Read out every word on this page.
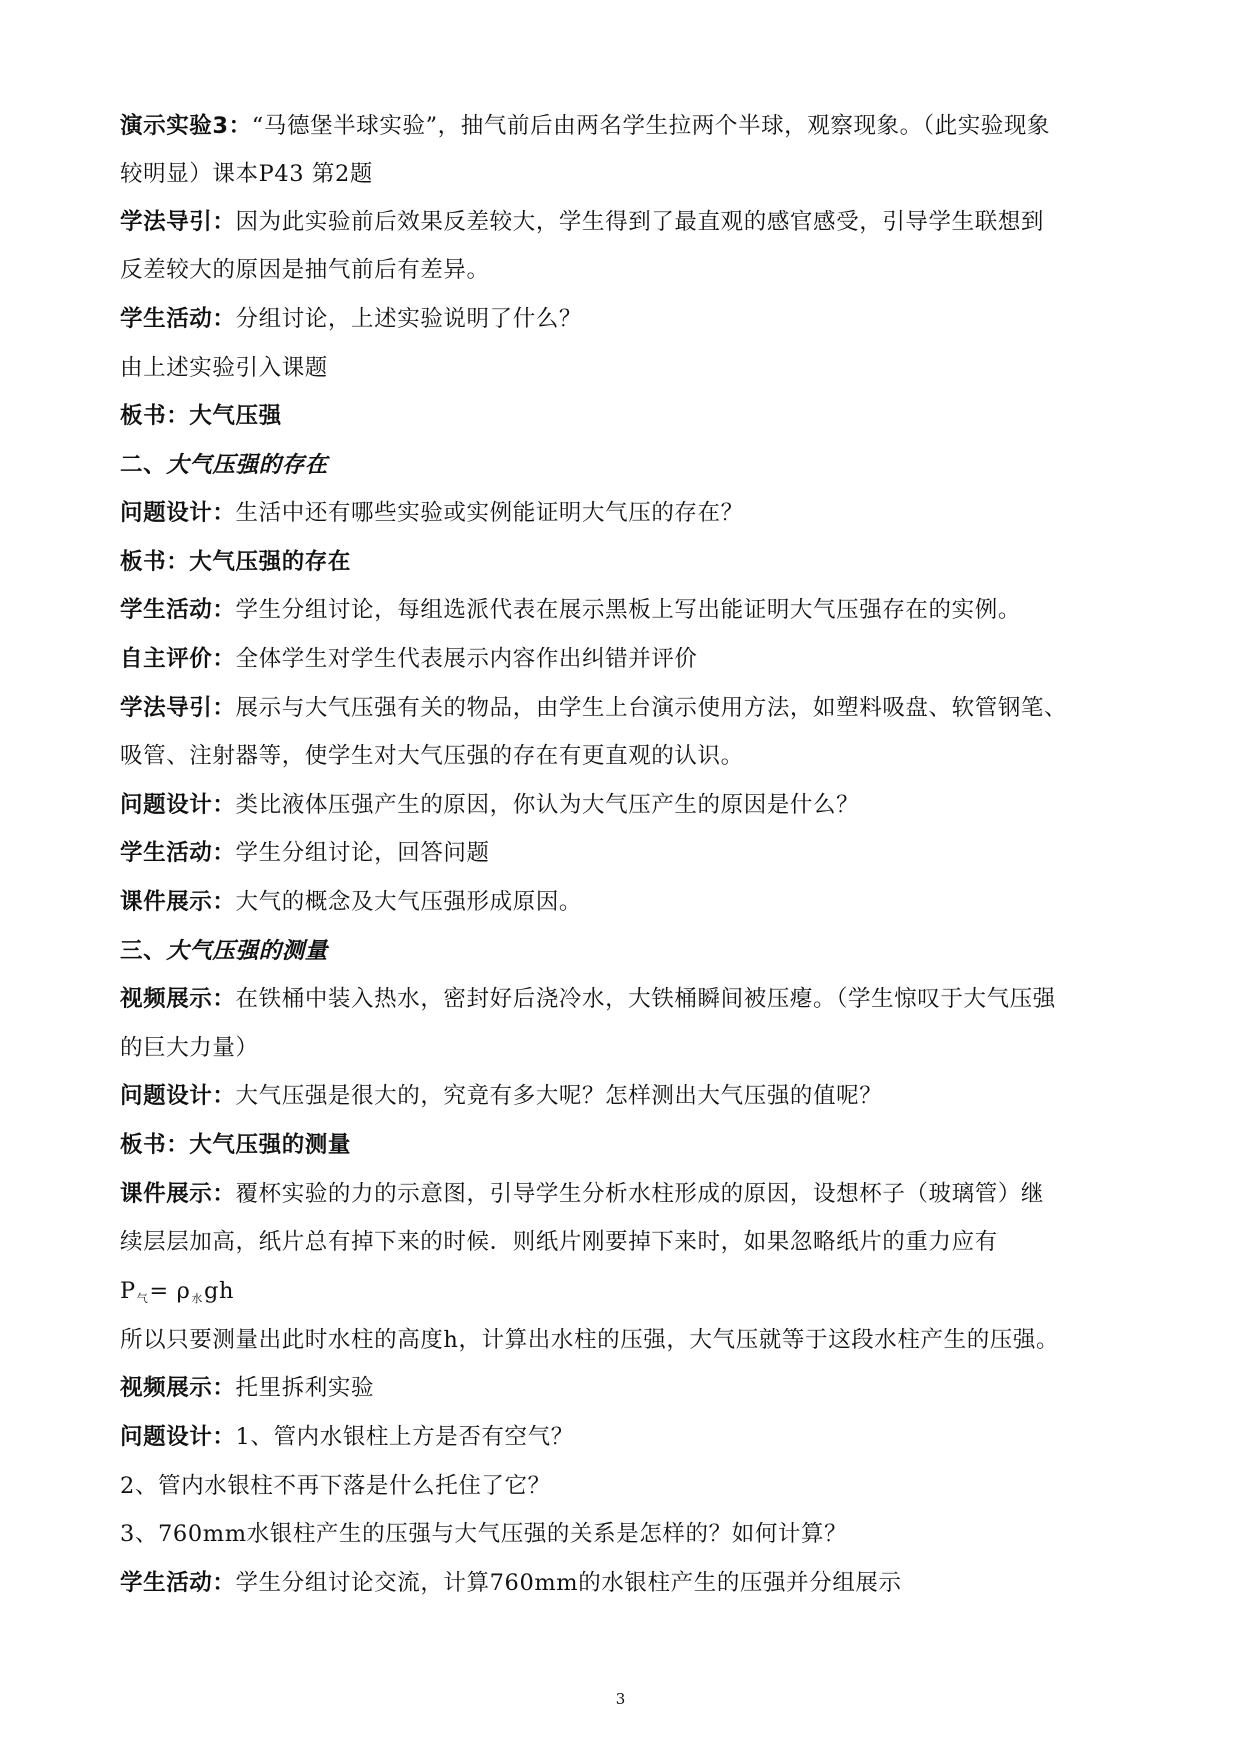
演示实验3：“马德堡半球实验”，抽气前后由两名学生拉两个半球，观察现象。（此实验现象
较明显）课本P43 第2题
学法导引：因为此实验前后效果反差较大，学生得到了最直观的感官感受，引导学生联想到
反差较大的原因是抽气前后有差异。
学生活动：分组讨论，上述实验说明了什么？
由上述实验引入课题
板书：大气压强
二、大气压强的存在
问题设计：生活中还有哪些实验或实例能证明大气压的存在？
板书：大气压强的存在
学生活动：学生分组讨论，每组选派代表在展示黑板上写出能证明大气压强存在的实例。
自主评价：全体学生对学生代表展示内容作出纠错并评价
学法导引：展示与大气压强有关的物品，由学生上台演示使用方法，如塑料吸盘、软管钢笔、
吸管、注射器等，使学生对大气压强的存在有更直观的认识。
问题设计：类比液体压强产生的原因，你认为大气压产生的原因是什么？
学生活动：学生分组讨论，回答问题
课件展示：大气的概念及大气压强形成原因。
三、大气压强的测量
视频展示：在铁桶中装入热水，密封好后浇冷水，大铁桶瞬间被压瘪。（学生惊叹于大气压强
的巨大力量）
问题设计：大气压强是很大的，究竟有多大呢？怎样测出大气压强的值呢？
板书：大气压强的测量
课件展示：覆杯实验的力的示意图，引导学生分析水柱形成的原因，设想杯子（玻璃管）继
续层层加高，纸片总有掉下来的时候．则纸片刚要掉下来时，如果忽略纸片的重力应有
$P_气= \rho_水gh$
所以只要测量出此时水柱的高度h，计算出水柱的压强，大气压就等于这段水柱产生的压强。
视频展示：托里拆利实验
问题设计：1、管内水银柱上方是否有空气？
2、管内水银柱不再下落是什么托住了它？
3、760mm水银柱产生的压强与大气压强的关系是怎样的？如何计算？
学生活动：学生分组讨论交流，计算760mm的水银柱产生的压强并分组展示
3
